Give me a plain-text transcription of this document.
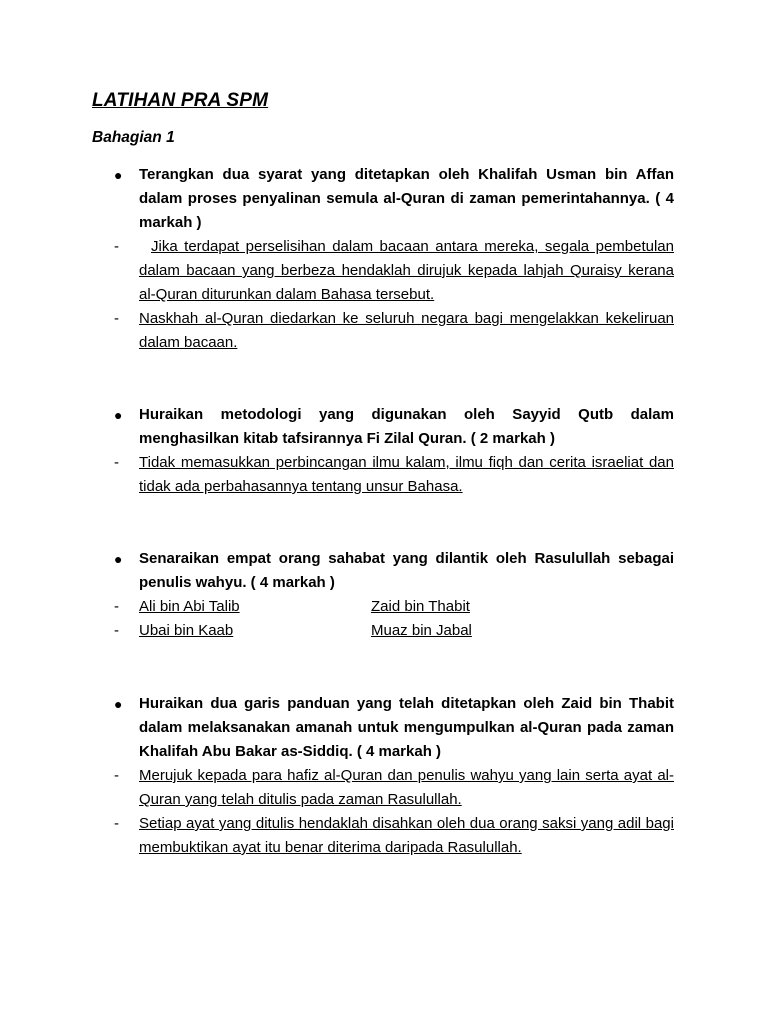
LATIHAN PRA SPM
Bahagian 1
● Terangkan dua syarat yang ditetapkan oleh Khalifah Usman bin Affan dalam proses penyalinan semula al-Quran di zaman pemerintahannya. ( 4 markah )
-	Jika terdapat perselisihan dalam bacaan antara mereka, segala pembetulan dalam bacaan yang berbeza hendaklah dirujuk kepada lahjah Quraisy kerana al-Quran diturunkan dalam Bahasa tersebut.
-	Naskhah al-Quran diedarkan ke seluruh negara bagi mengelakkan kekeliruan dalam bacaan.
● Huraikan metodologi yang digunakan oleh Sayyid Qutb dalam menghasilkan kitab tafsirannya Fi Zilal Quran. ( 2 markah )
-	Tidak memasukkan perbincangan ilmu kalam, ilmu fiqh dan cerita israeliat dan tidak ada perbahasannya tentang unsur Bahasa.
● Senaraikan empat orang sahabat yang dilantik oleh Rasulullah sebagai penulis wahyu. ( 4 markah )
-	Ali bin Abi Talib	Zaid bin Thabit
-	Ubai bin Kaab	Muaz bin Jabal
● Huraikan dua garis panduan yang telah ditetapkan oleh Zaid bin Thabit dalam melaksanakan amanah untuk mengumpulkan al-Quran pada zaman Khalifah Abu Bakar as-Siddiq. ( 4 markah )
-	Merujuk kepada para hafiz al-Quran dan penulis wahyu yang lain serta ayat al-Quran yang telah ditulis pada zaman Rasulullah.
-	Setiap ayat yang ditulis hendaklah disahkan oleh dua orang saksi yang adil bagi membuktikan ayat itu benar diterima daripada Rasulullah.
